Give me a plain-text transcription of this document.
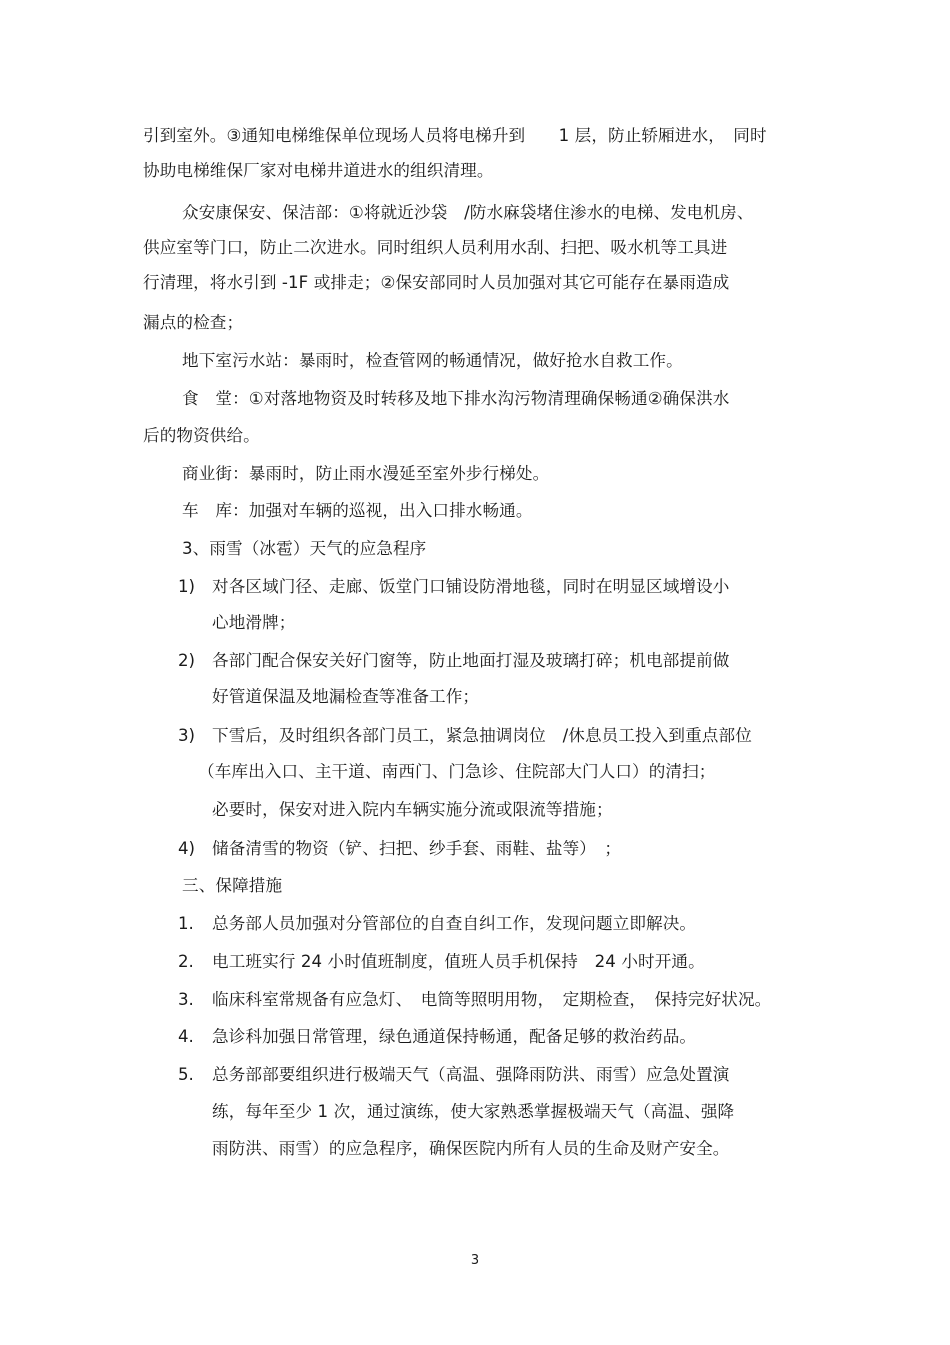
引到室外。③通知电梯维保单位现场人员将电梯升到　　1 层，防止轿厢进水，　同时
协助电梯维保厂家对电梯井道进水的组织清理。
众安康保安、保洁部：①将就近沙袋　/防水麻袋堵住渗水的电梯、发电机房、
供应室等门口，防止二次进水。同时组织人员利用水刮、扫把、吸水机等工具进
行清理，将水引到 -1F 或排走；②保安部同时人员加强对其它可能存在暴雨造成
漏点的检查；
地下室污水站：暴雨时，检查管网的畅通情况，做好抢水自救工作。
食　堂：①对落地物资及时转移及地下排水沟污物清理确保畅通②确保洪水
后的物资供给。
商业街：暴雨时，防止雨水漫延至室外步行梯处。
车　库：加强对车辆的巡视，出入口排水畅通。
3、雨雪（冰雹）天气的应急程序
1) 对各区域门径、走廊、饭堂门口铺设防滑地毯，同时在明显区域增设小
心地滑牌；
2) 各部门配合保安关好门窗等，防止地面打湿及玻璃打碎；机电部提前做
好管道保温及地漏检查等准备工作；
3) 下雪后，及时组织各部门员工，紧急抽调岗位　/休息员工投入到重点部位
（车库出入口、主干道、南西门、门急诊、住院部大门人口）的清扫；
必要时，保安对进入院内车辆实施分流或限流等措施；
4) 储备清雪的物资（铲、扫把、纱手套、雨鞋、盐等）　；
三、保障措施
1. 总务部人员加强对分管部位的自查自纠工作，发现问题立即解决。
2. 电工班实行 24 小时值班制度，值班人员手机保持　24 小时开通。
3. 临床科室常规备有应急灯、　电筒等照明用物，　定期检查，　保持完好状况。
4. 急诊科加强日常管理，绿色通道保持畅通，配备足够的救治药品。
5. 总务部部要组织进行极端天气（高温、强降雨防洪、雨雪）应急处置演
练，每年至少 1 次，通过演练，使大家熟悉掌握极端天气（高温、强降
雨防洪、雨雪）的应急程序，确保医院内所有人员的生命及财产安全。
3
